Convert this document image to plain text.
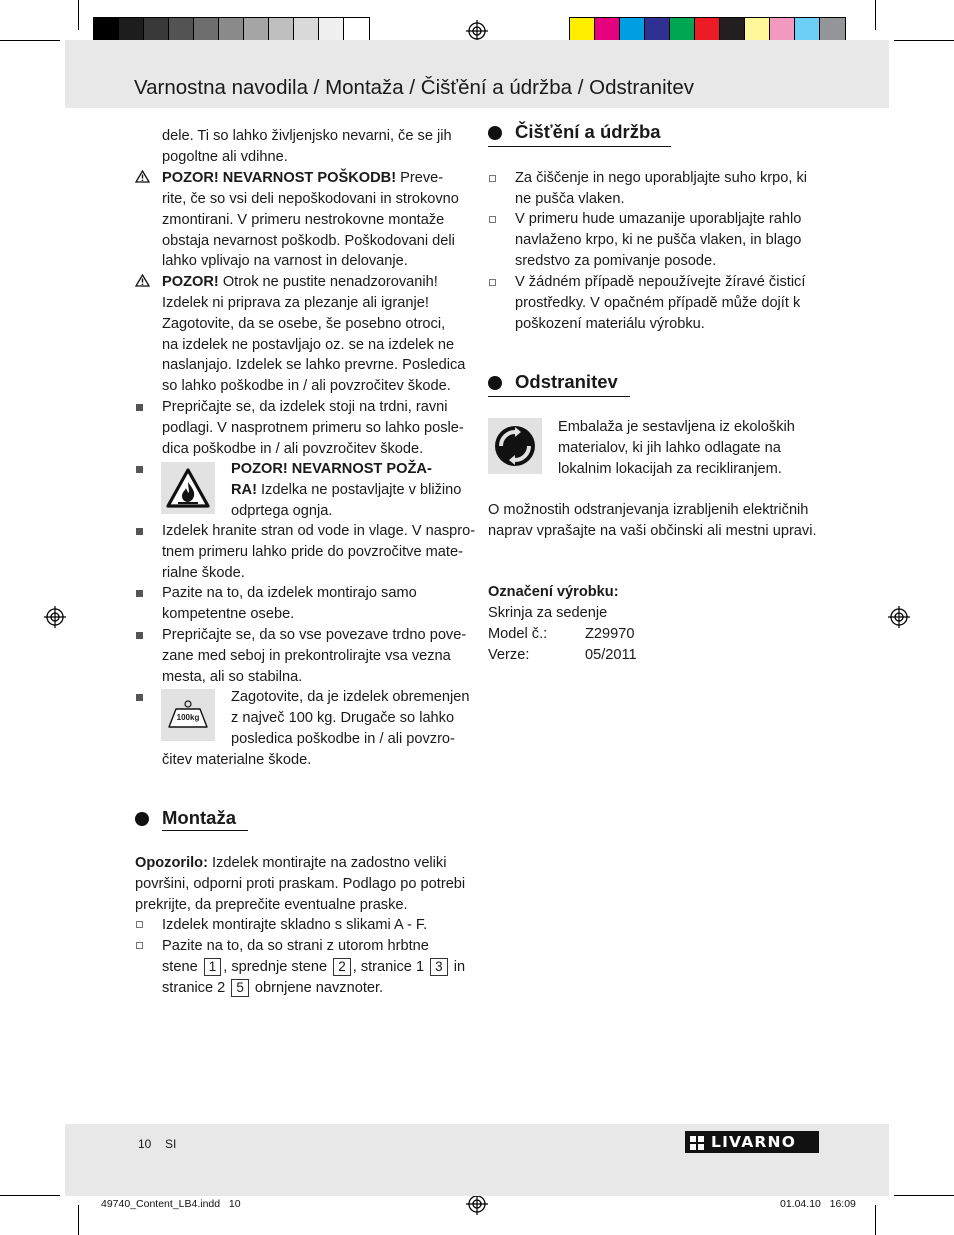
Varnostna navodila / Montaža / Čišťění a údržba / Odstranitev
dele. Ti so lahko življenjsko nevarni, če se jih
pogoltne ali vdihne.
POZOR! NEVARNOST POŠKODB! Preve-
rite, če so vsi deli nepoškodovani in strokovno
zmontirani. V primeru nestrokovne montaže
obstaja nevarnost poškodb. Poškodovani deli
lahko vplivajo na varnost in delovanje.
POZOR! Otrok ne pustite nenadzorovanih!
Izdelek ni priprava za plezanje ali igranje!
Zagotovite, da se osebe, še posebno otroci,
na izdelek ne postavljajo oz. se na izdelek ne
naslanjajo. Izdelek se lahko prevrne. Posledica
so lahko poškodbe in / ali povzročitev škode.
Prepričajte se, da izdelek stoji na trdni, ravni
podlagi. V nasprotnem primeru so lahko posle-
dica poškodbe in / ali povzročitev škode.
POZOR! NEVARNOST POŽA-
RA! Izdelka ne postavljajte v bližino
odprtega ognja.
Izdelek hranite stran od vode in vlage. V naspro-
tnem primeru lahko pride do povzročitve mate-
rialne škode.
Pazite na to, da izdelek montirajo samo
kompetentne osebe.
Prepričajte se, da so vse povezave trdno pove-
zane med seboj in prekontrolirajte vsa vezna
mesta, ali so stabilna.
100kg
Zagotovite, da je izdelek obremenjen
z največ 100 kg. Drugače so lahko
posledica poškodbe in / ali povzro-
čitev materialne škode.
Montaža
Opozorilo: Izdelek montirajte na zadostno veliki
površini, odporni proti praskam. Podlago po potrebi
prekrijte, da preprečite eventualne praske.
Izdelek montirajte skladno s slikami A - F.
Pazite na to, da so strani z utorom hrbtne
stene 1 , sprednje stene 2 , stranice 1 3 in
stranice 2 5 obrnjene navznoter.
Čišťění a údržba
Za čiščenje in nego uporabljajte suho krpo, ki
ne pušča vlaken.
V primeru hude umazanije uporabljajte rahlo
navlaženo krpo, ki ne pušča vlaken, in blago
sredstvo za pomivanje posode.
V žádném případě nepoužívejte žíravé čisticí
prostředky. V opačném případě může dojít k
poškození materiálu výrobku.
Odstranitev
Embalaža je sestavljena iz ekoloških
materialov, ki jih lahko odlagate na
lokalnim lokacijah za recikliranjem.
O možnostih odstranjevanja izrabljenih električnih
naprav vprašajte na vaši občinski ali mestni upravi.
Označení výrobku:
Skrinja za sedenje
Model č.:	Z29970
Verze:	05/2011
10 SI	LIVARNO
49740_Content_LB4.indd   10	01.04.10   16:09
